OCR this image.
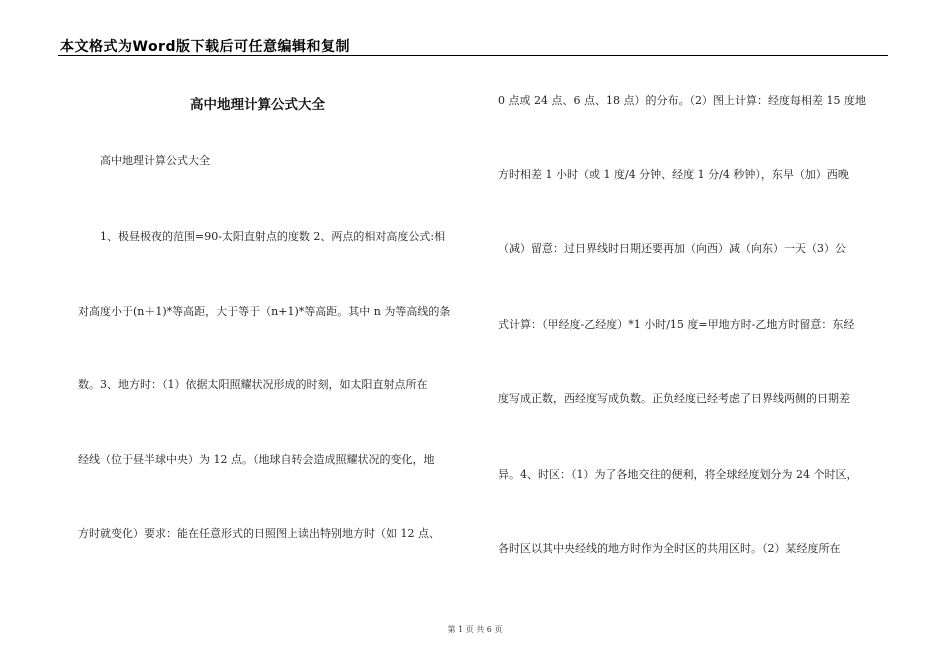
本文格式为Word版下载后可任意编辑和复制
高中地理计算公式大全
高中地理计算公式大全
1、极昼极夜的范围=90-太阳直射点的度数 2、两点的相对高度公式:相
对高度小于(n＋1)*等高距，大于等于（n+1)*等高距。其中 n 为等高线的条
数。3、地方时：（1）依据太阳照耀状况形成的时刻，如太阳直射点所在
经线（位于昼半球中央）为 12 点。（地球自转会造成照耀状况的变化，地
方时就变化）要求：能在任意形式的日照图上读出特别地方时（如 12 点、
0 点或 24 点、6 点、18 点）的分布。（2）图上计算：经度每相差 15 度地
方时相差 1 小时（或 1 度/4 分钟、经度 1 分/4 秒钟），东早（加）西晚
（减）留意：过日界线时日期还要再加（向西）减（向东）一天（3）公
式计算：（甲经度-乙经度）*1 小时/15 度=甲地方时-乙地方时留意：东经
度写成正数，西经度写成负数。正负经度已经考虑了日界线两侧的日期差
异。4、时区：（1）为了各地交往的便利，将全球经度划分为 24 个时区，
各时区以其中央经线的地方时作为全时区的共用区时。（2）某经度所在
第 1 页 共 6 页
